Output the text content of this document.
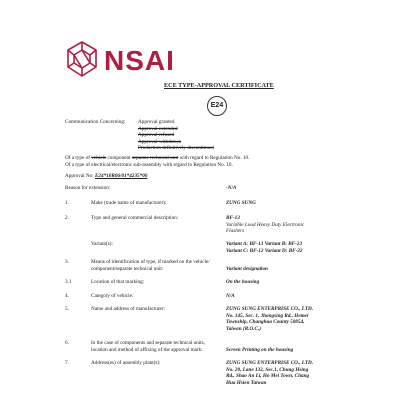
NSAI
ECE TYPE-APPROVAL CERTIFICATE
E24
Communication Concerning: Approval granted
Approval extended
Approval refused
Approval withdrawn
Production definitively discontinued
Of a type of vehicle component separate technical unit with regard to Regulation No. 10.
Of a type of electrical/electronic sub-assembly with regard to Regulation No. 10.
Approval No: E24*10R06/01*4235*00
Reason for extension:	-N/A
1.	Make (trade name of manufacturer):	ZUNG SUNG
2.	Type and general commercial description:	BF-13
Variable Load Heavy Duty Electronic
Flashers
Variant(s):	Variant A: BF-13 Variant B: BF-23
Variant C: BF-12 Variant D: BF-22
3.	Means of identification of type, if marked on the vehicle/
component/separate technical unit:	Variant designation
3.1	Location of that marking:	On the housing
4.	Category of vehicle:	N/A
5.	Name and address of manufacturer:	ZUNG SUNG ENTERPRISE CO., LTD.
No. 145, Sec. 1, Jhongsing Rd., Hemei
Township, Changhua County 50854,
Taiwan (R.O.C.)
6.	In the case of components and separate technical units,
location and method of affixing of the approval mark:	Screen Printing on the housing
7.	Address(es) of assembly plant(s):	ZUNG SUNG ENTERPRISE CO., LTD.
No. 20, Lane 132, Sec.1, Chung Hsing
Rd., Shao An Li, Ho Mei Town, Chang
Hua Hsien Taiwan
